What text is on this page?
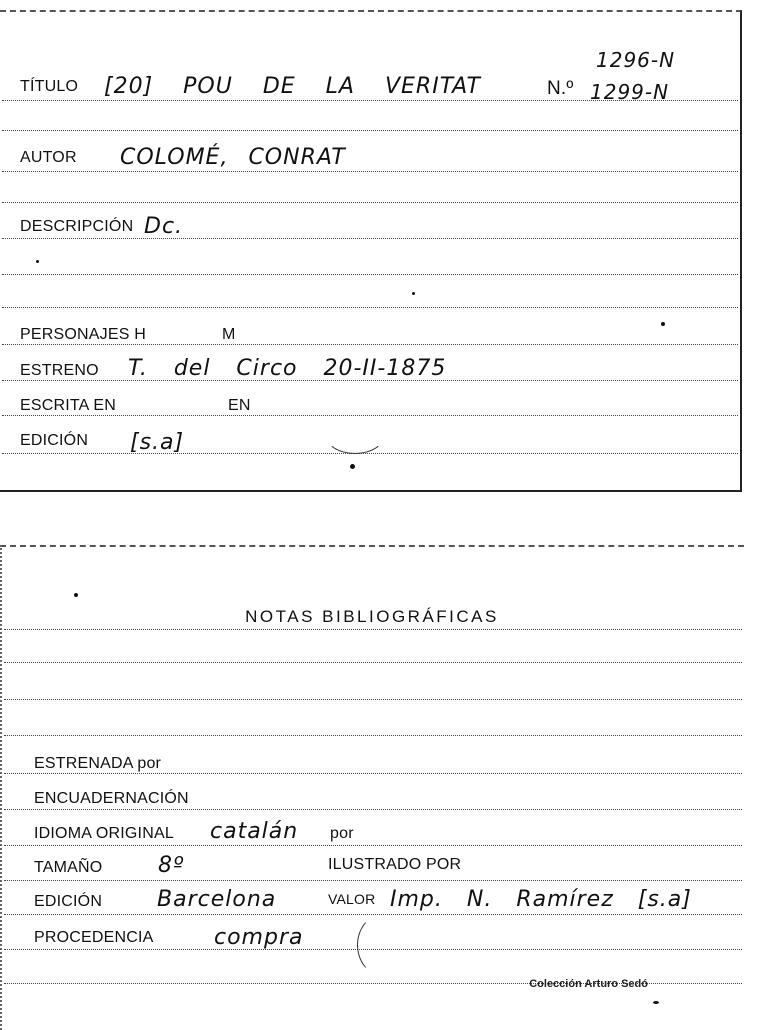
TÍTULO [20] POU DE LA VERITAT	N.º
1296-N
1299-N
AUTOR COLOMÉ, CONRAT
DESCRIPCIÓN Dc.
PERSONAJES H	M
ESTRENO T. del Circo 20-II-1875
ESCRITA EN	EN
EDICIÓN [s.a]
NOTAS BIBLIOGRÁFICAS
ESTRENADA por
ENCUADERNACIÓN
IDIOMA ORIGINAL catalán por
TAMAÑO	8º	ILUSTRADO POR
EDICIÓN Barcelona	VALOR Imp. N. Ramírez [s.a]
PROCEDENCIA	compra
Colección Arturo Sedó
